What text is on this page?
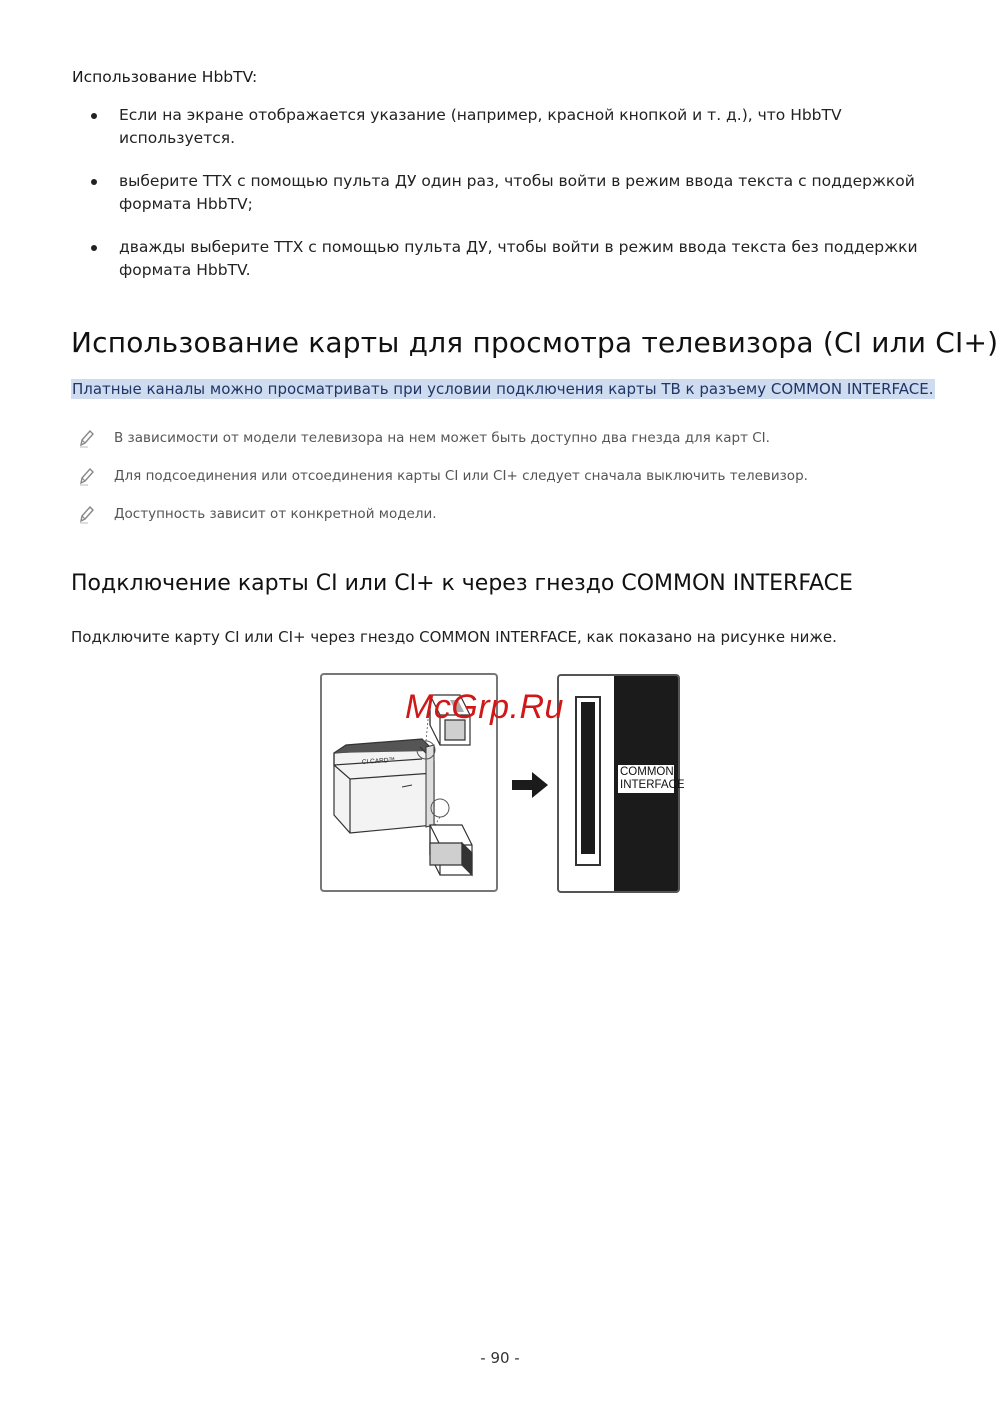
Использование HbbTV:
Если на экране отображается указание (например, красной кнопкой и т. д.), что HbbTV используется.
выберите TTX с помощью пульта ДУ один раз, чтобы войти в режим ввода текста с поддержкой формата HbbTV;
дважды выберите TTX с помощью пульта ДУ, чтобы войти в режим ввода текста без поддержки формата HbbTV.
Использование карты для просмотра телевизора (CI или CI+)
Платные каналы можно просматривать при условии подключения карты ТВ к разъему COMMON INTERFACE.
В зависимости от модели телевизора на нем может быть доступно два гнезда для карт CI.
Для подсоединения или отсоединения карты CI или CI+ следует сначала выключить телевизор.
Доступность зависит от конкретной модели.
Подключение карты CI или CI+ к через гнездо COMMON INTERFACE
Подключите карту CI или CI+ через гнездо COMMON INTERFACE, как показано на рисунке ниже.
CI CARD™
COMMON
INTERFACE
McGrp.Ru
- 90 -
